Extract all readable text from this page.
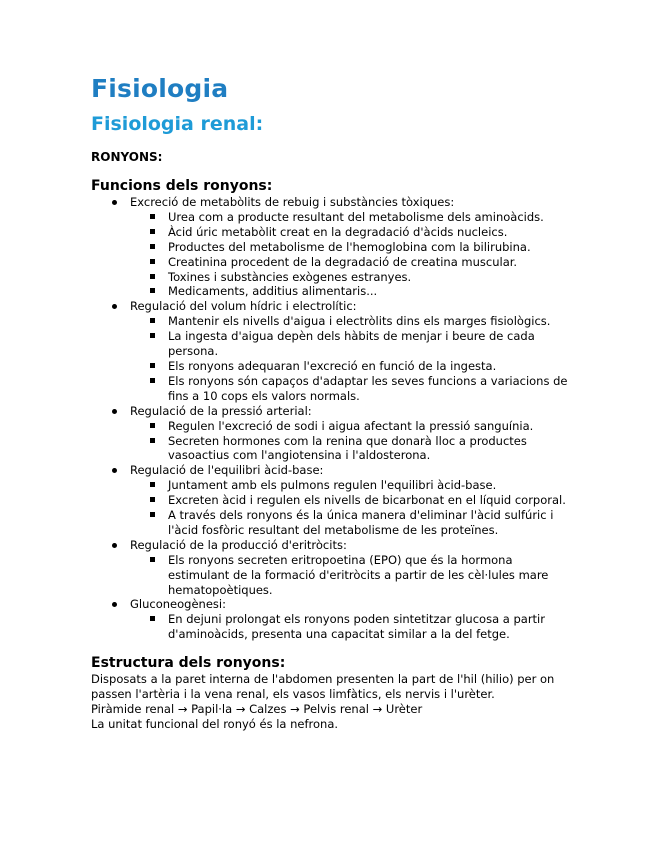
Fisiologia
Fisiologia renal:
RONYONS:
Funcions dels ronyons:
Excreció de metabòlits de rebuig i substàncies tòxiques:
Urea com a producte resultant del metabolisme dels aminoàcids.
Àcid úric metabòlit creat en la degradació d'àcids nucleics.
Productes del metabolisme de l'hemoglobina com la bilirubina.
Creatinina procedent de la degradació de creatina muscular.
Toxines i substàncies exògenes estranyes.
Medicaments, additius alimentaris...
Regulació del volum hídric i electrolític:
Mantenir els nivells d'aigua i electròlits dins els marges fisiològics.
La ingesta d'aigua depèn dels hàbits de menjar i beure de cada persona.
Els ronyons adequaran l'excreció en funció de la ingesta.
Els ronyons són capaços d'adaptar les seves funcions a variacions de fins a 10 cops els valors normals.
Regulació de la pressió arterial:
Regulen l'excreció de sodi i aigua afectant la pressió sanguínia.
Secreten hormones com la renina que donarà lloc a productes vasoactius com l'angiotensina i l'aldosterona.
Regulació de l'equilibri àcid-base:
Juntament amb els pulmons regulen l'equilibri àcid-base.
Excreten àcid i regulen els nivells de bicarbonat en el líquid corporal.
A través dels ronyons és la única manera d'eliminar l'àcid sulfúric i l'àcid fosfòric resultant del metabolisme de les proteïnes.
Regulació de la producció d'eritròcits:
Els ronyons secreten eritropoetina (EPO) que és la hormona estimulant de la formació d'eritròcits a partir de les cèl·lules mare hematopoètiques.
Gluconeogènesi:
En dejuni prolongat els ronyons poden sintetitzar glucosa a partir d'aminoàcids, presenta una capacitat similar a la del fetge.
Estructura dels ronyons:

Disposats a la paret interna de l'abdomen presenten la part de l'hil (hilio) per on passen l'artèria i la vena renal, els vasos limfàtics, els nervis i l'urèter.

Piràmide renal → Papil·la → Calzes → Pelvis renal → Urèter

La unitat funcional del ronyó és la nefrona.
